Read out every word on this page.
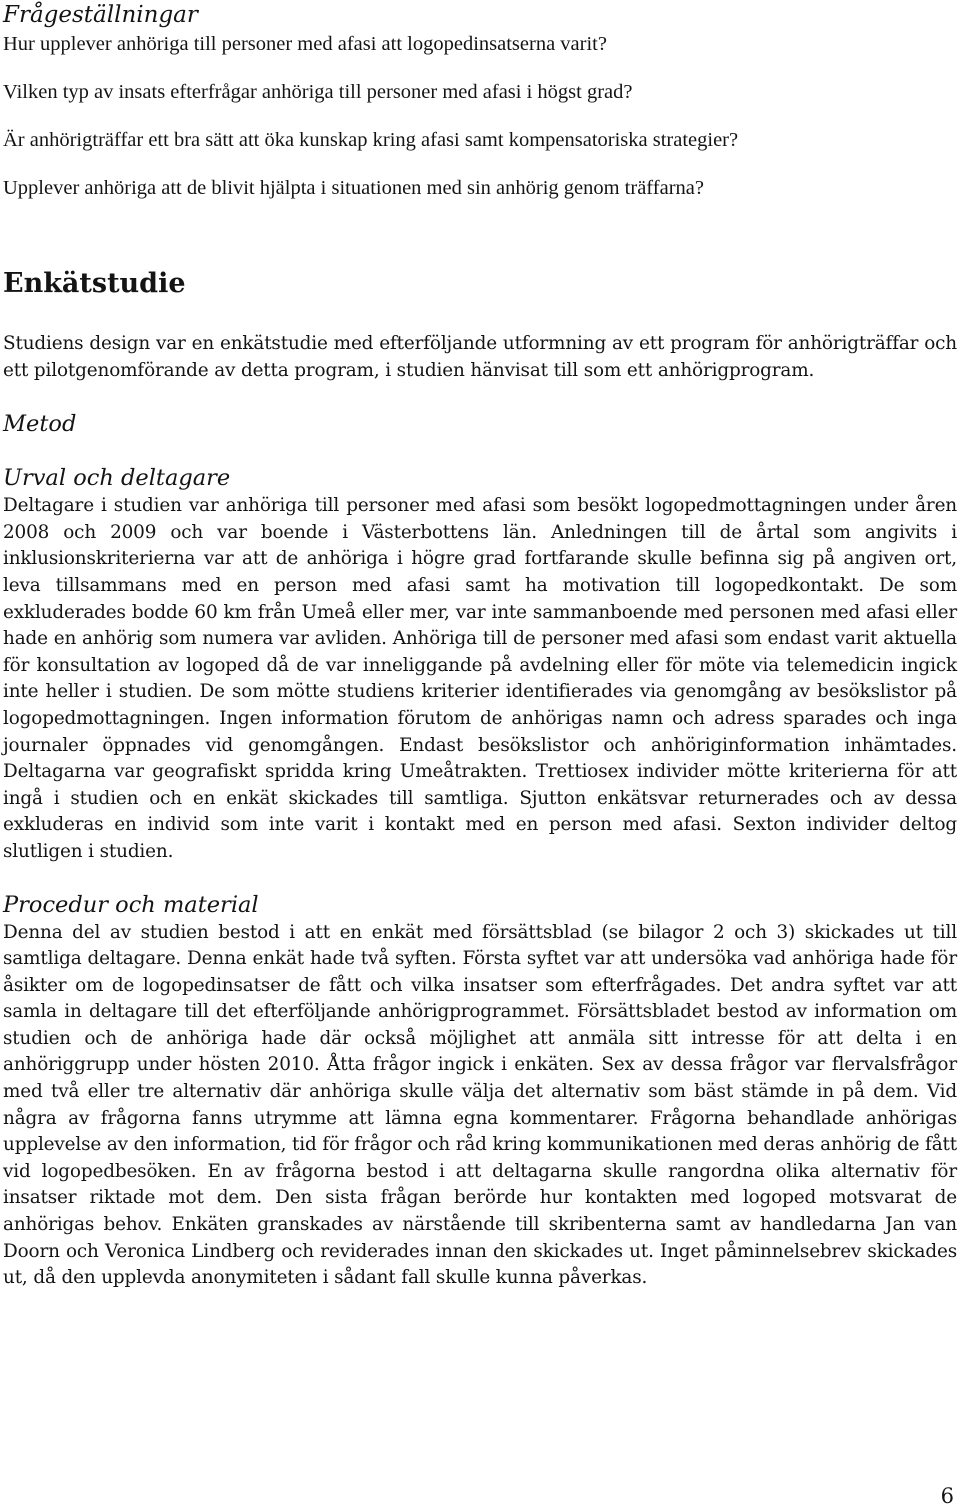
Frågeställningar

Hur upplever anhöriga till personer med afasi att logopedinsatserna varit?

Vilken typ av insats efterfrågar anhöriga till personer med afasi i högst grad?

Är anhörigträffar ett bra sätt att öka kunskap kring afasi samt kompensatoriska strategier?

Upplever anhöriga att de blivit hjälpta i situationen med sin anhörig genom träffarna?

Enkätstudie

Studiens design var en enkätstudie med efterföljande utformning av ett program för anhörigträffar och ett pilotgenomförande av detta program, i studien hänvisat till som ett anhörigprogram.

Metod
Urval och deltagare

Deltagare i studien var anhöriga till personer med afasi som besökt logopedmottagningen under åren 2008 och 2009 och var boende i Västerbottens län. Anledningen till de årtal som angivits i inklusionskriterierna var att de anhöriga i högre grad fortfarande skulle befinna sig på angiven ort, leva tillsammans med en person med afasi samt ha motivation till logopedkontakt. De som exkluderades bodde 60 km från Umeå eller mer, var inte sammanboende med personen med afasi eller hade en anhörig som numera var avliden. Anhöriga till de personer med afasi som endast varit aktuella för konsultation av logoped då de var inneliggande på avdelning eller för möte via telemedicin ingick inte heller i studien. De som mötte studiens kriterier identifierades via genomgång av besökslistor på logopedmottagningen. Ingen information förutom de anhörigas namn och adress sparades och inga journaler öppnades vid genomgången. Endast besökslistor och anhöriginformation inhämtades. Deltagarna var geografiskt spridda kring Umeåtrakten. Trettiosex individer mötte kriterierna för att ingå i studien och en enkät skickades till samtliga. Sjutton enkätsvar returnerades och av dessa exkluderas en individ som inte varit i kontakt med en person med afasi. Sexton individer deltog slutligen i studien.

Procedur och material

Denna del av studien bestod i att en enkät med försättsblad (se bilagor 2 och 3) skickades ut till samtliga deltagare. Denna enkät hade två syften. Första syftet var att undersöka vad anhöriga hade för åsikter om de logopedinsatser de fått och vilka insatser som efterfrågades. Det andra syftet var att samla in deltagare till det efterföljande anhörigprogrammet. Försättsbladet bestod av information om studien och de anhöriga hade där också möjlighet att anmäla sitt intresse för att delta i en anhöriggrupp under hösten 2010. Åtta frågor ingick i enkäten. Sex av dessa frågor var flervalsfrågor med två eller tre alternativ där anhöriga skulle välja det alternativ som bäst stämde in på dem. Vid några av frågorna fanns utrymme att lämna egna kommentarer. Frågorna behandlade anhörigas upplevelse av den information, tid för frågor och råd kring kommunikationen med deras anhörig de fått vid logopedbesöken. En av frågorna bestod i att deltagarna skulle rangordna olika alternativ för insatser riktade mot dem. Den sista frågan berörde hur kontakten med logoped motsvarat de anhörigas behov. Enkäten granskades av närstående till skribenterna samt av handledarna Jan van Doorn och Veronica Lindberg och reviderades innan den skickades ut. Inget påminnelsebrev skickades ut, då den upplevda anonymiteten i sådant fall skulle kunna påverkas.

6
